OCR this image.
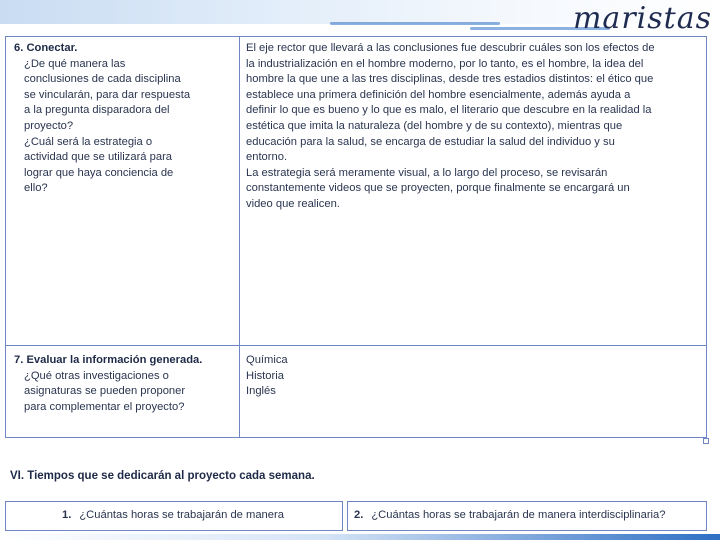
maristas
6. Conectar.
¿De qué manera las
conclusiones de cada disciplina
se vincularán, para dar respuesta
a la pregunta disparadora del
proyecto?
¿Cuál será la estrategia o
actividad que se utilizará para
lograr que haya conciencia de
ello?
El eje rector que llevará a las conclusiones fue descubrir cuáles son los efectos de
la industrialización en el hombre moderno, por lo tanto, es el hombre, la idea del
hombre la que une a las tres disciplinas, desde tres estadios distintos: el ético que
establece una primera definición del hombre esencialmente, además ayuda a
definir lo que es bueno y lo que es malo, el literario que descubre en la realidad la
estética que imita la naturaleza (del hombre y de su contexto), mientras que
educación para la salud, se encarga de estudiar la salud del individuo y su
entorno.
La estrategia será meramente visual, a lo largo del proceso, se revisarán
constantemente videos que se proyecten, porque finalmente se encargará un
video que realicen.
7. Evaluar la información generada.
¿Qué otras investigaciones o
asignaturas se pueden proponer
para complementar el proyecto?
Química
Historia
Inglés
VI. Tiempos que se dedicarán al proyecto cada semana.
1. ¿Cuántas horas se trabajarán de manera	2. ¿Cuántas horas se trabajarán de manera interdisciplinaria?
